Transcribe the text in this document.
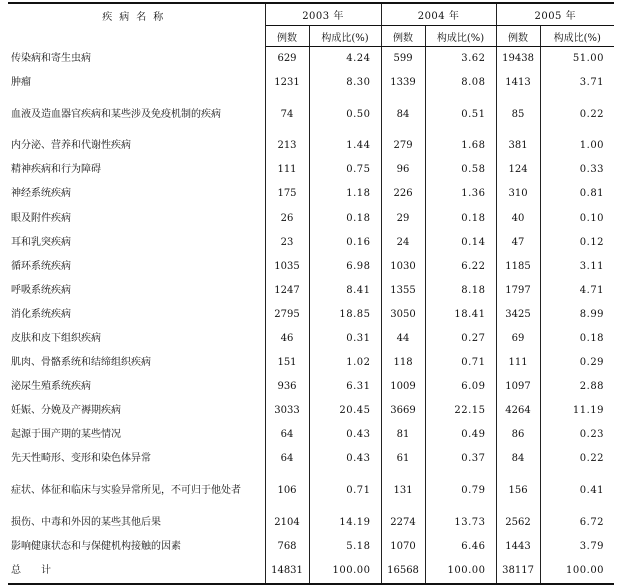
疾病名称	2003 年		2004 年		2005 年	
	例数	构成比(%)	例数	构成比(%)	例数	构成比(%)
传染病和寄生虫病	629	4.24	599	3.62	19438	51.00
肿瘤	1231	8.30	1339	8.08	1413	3.71
血液及造血器官疾病和某些涉及免疫机制的疾病	74	0.50	84	0.51	85	0.22
内分泌、营养和代谢性疾病	213	1.44	279	1.68	381	1.00
精神疾病和行为障碍	111	0.75	96	0.58	124	0.33
神经系统疾病	175	1.18	226	1.36	310	0.81
眼及附件疾病	26	0.18	29	0.18	40	0.10
耳和乳突疾病	23	0.16	24	0.14	47	0.12
循环系统疾病	1035	6.98	1030	6.22	1185	3.11
呼吸系统疾病	1247	8.41	1355	8.18	1797	4.71
消化系统疾病	2795	18.85	3050	18.41	3425	8.99
皮肤和皮下组织疾病	46	0.31	44	0.27	69	0.18
肌肉、骨骼系统和结缔组织疾病	151	1.02	118	0.71	111	0.29
泌尿生殖系统疾病	936	6.31	1009	6.09	1097	2.88
妊娠、分娩及产褥期疾病	3033	20.45	3669	22.15	4264	11.19
起源于围产期的某些情况	64	0.43	81	0.49	86	0.23
先天性畸形、变形和染色体异常	64	0.43	61	0.37	84	0.22
症状、体征和临床与实验异常所见，不可归于他处者	106	0.71	131	0.79	156	0.41
损伤、中毒和外因的某些其他后果	2104	14.19	2274	13.73	2562	6.72
影响健康状态和与保健机构接触的因素	768	5.18	1070	6.46	1443	3.79
总　　计	14831	100.00	16568	100.00	38117	100.00
